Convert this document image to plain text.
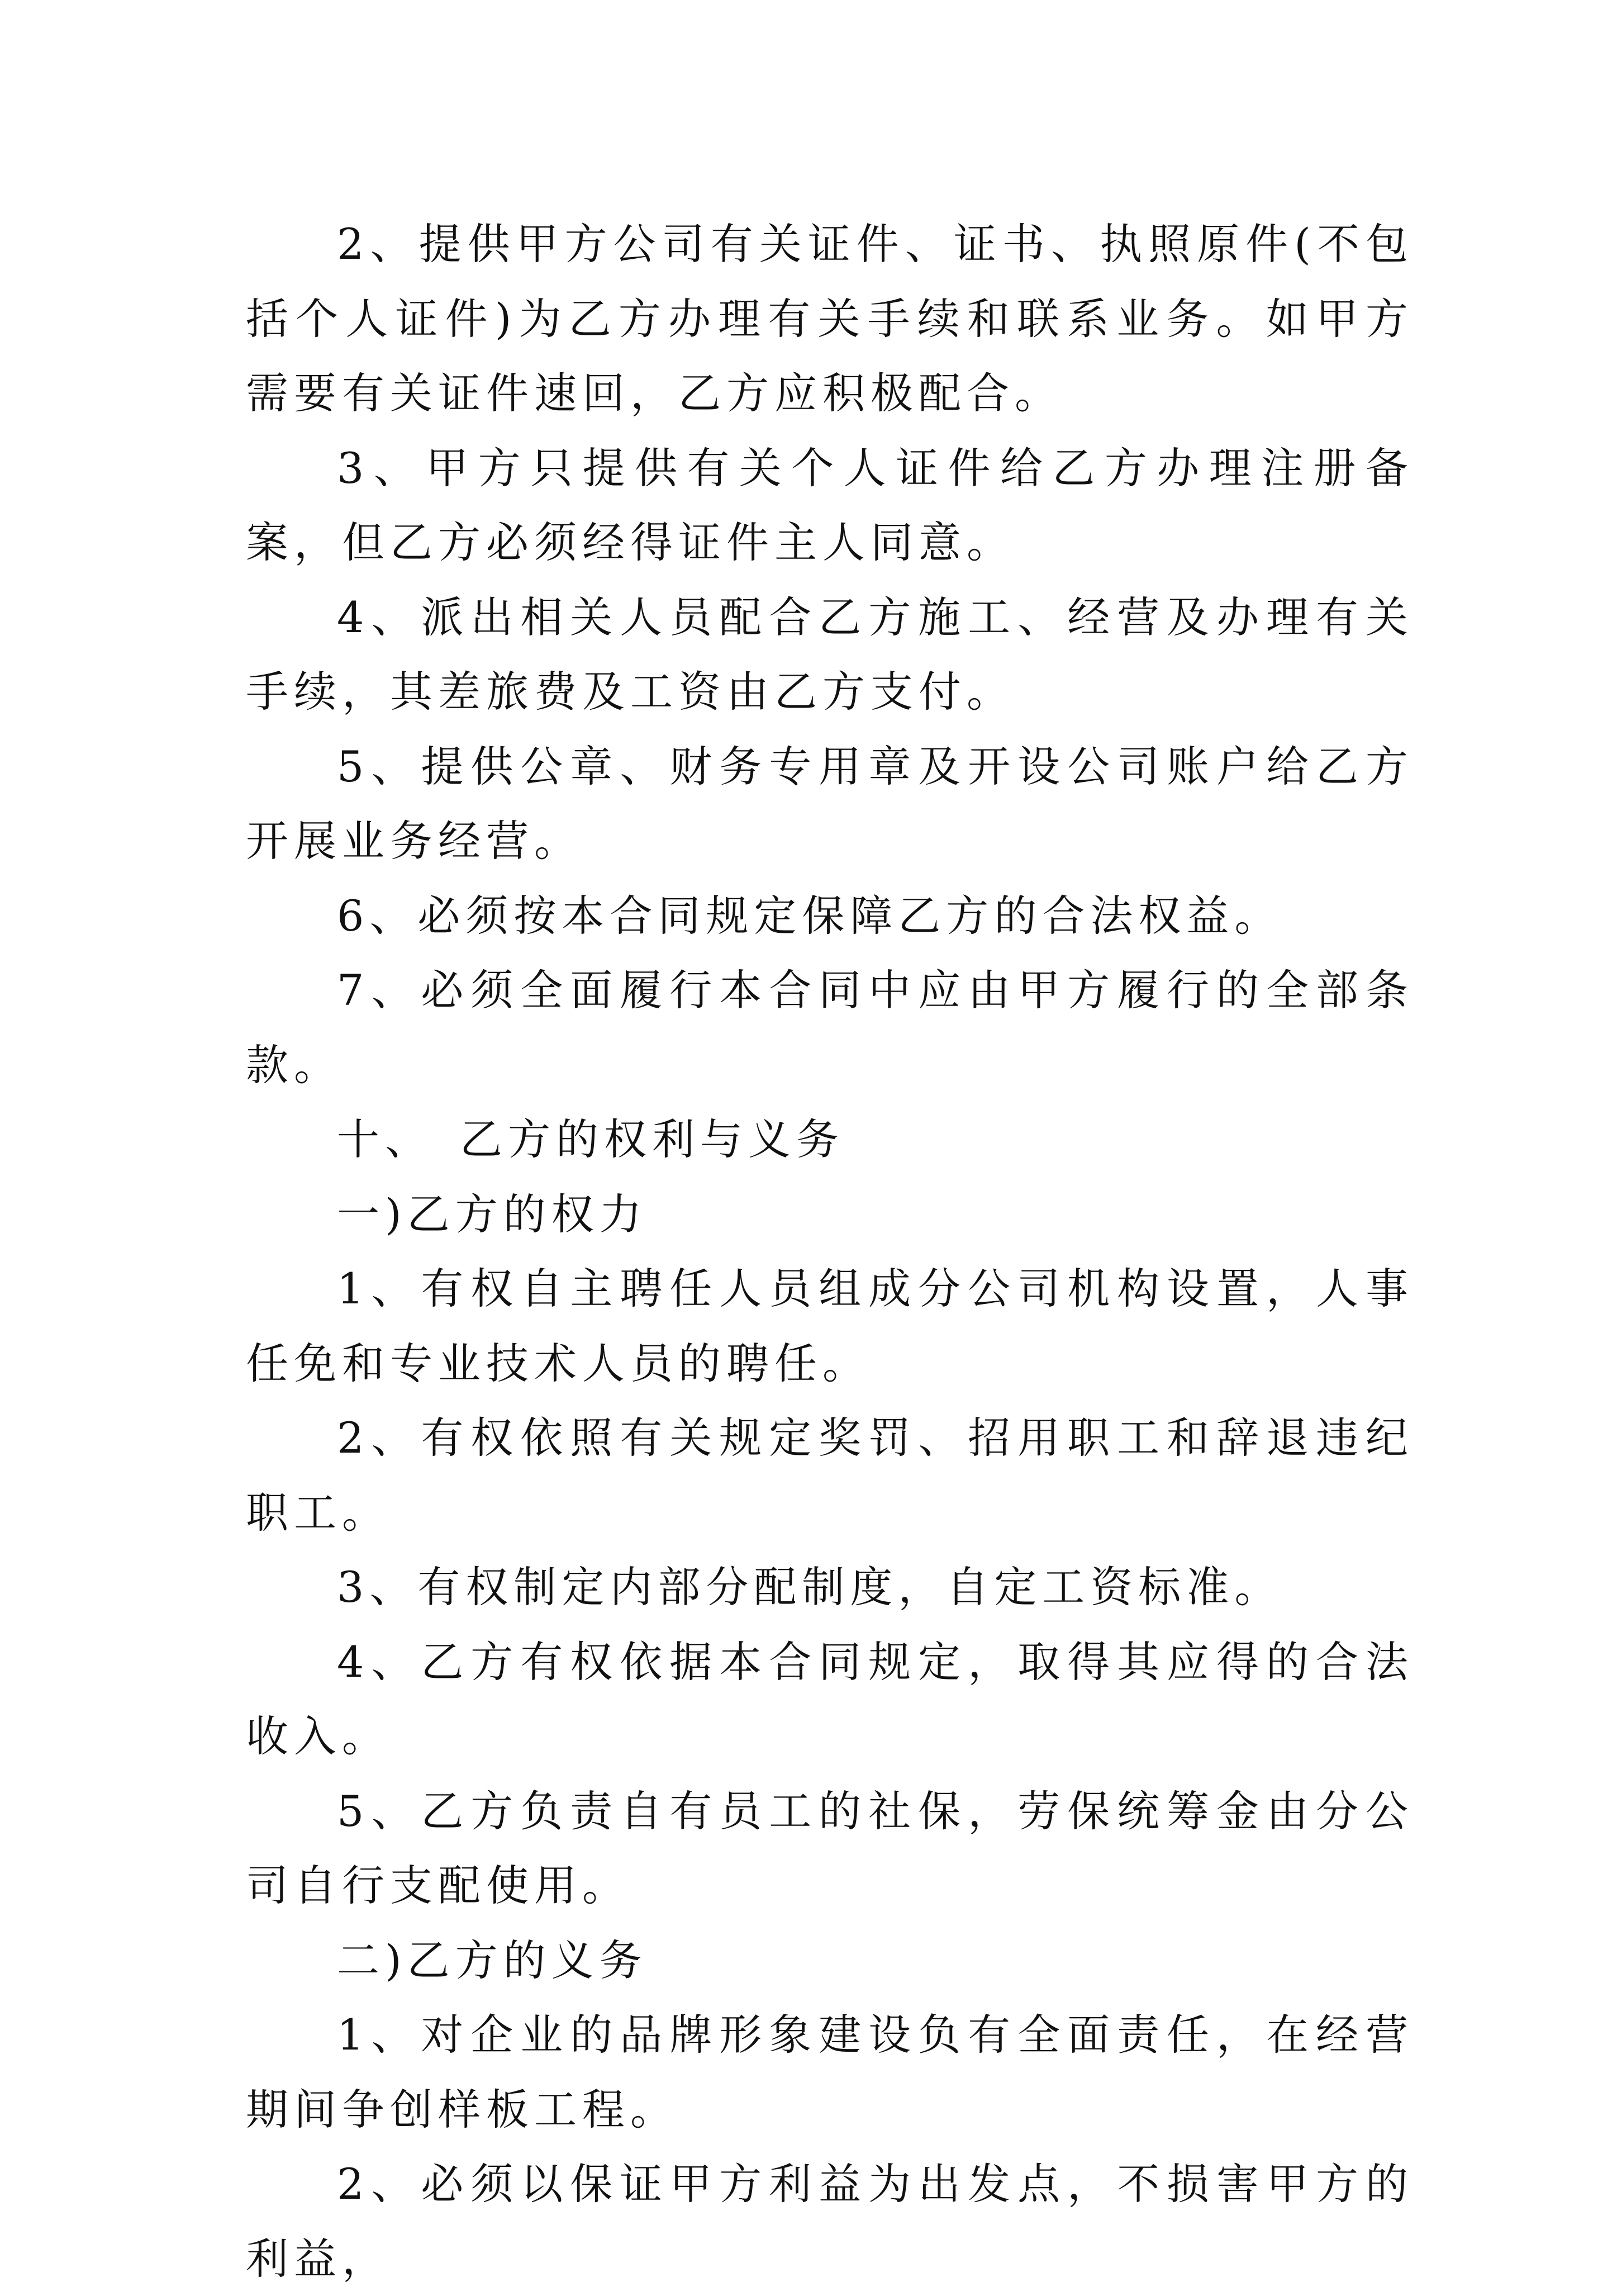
2、提供甲方公司有关证件、证书、执照原件(不包括个人证件)为乙方办理有关手续和联系业务。如甲方需要有关证件速回，乙方应积极配合。

3、甲方只提供有关个人证件给乙方办理注册备案，但乙方必须经得证件主人同意。

4、派出相关人员配合乙方施工、经营及办理有关手续，其差旅费及工资由乙方支付。

5、提供公章、财务专用章及开设公司账户给乙方开展业务经营。

6、必须按本合同规定保障乙方的合法权益。

7、必须全面履行本合同中应由甲方履行的全部条款。

十、　乙方的权利与义务

一)乙方的权力

1、有权自主聘任人员组成分公司机构设置，人事任免和专业技术人员的聘任。

2、有权依照有关规定奖罚、招用职工和辞退违纪职工。

3、有权制定内部分配制度，自定工资标准。

4、乙方有权依据本合同规定，取得其应得的合法收入。

5、乙方负责自有员工的社保，劳保统筹金由分公司自行支配使用。

二)乙方的义务

1、对企业的品牌形象建设负有全面责任，在经营期间争创样板工程。

2、必须以保证甲方利益为出发点，不损害甲方的利益，
